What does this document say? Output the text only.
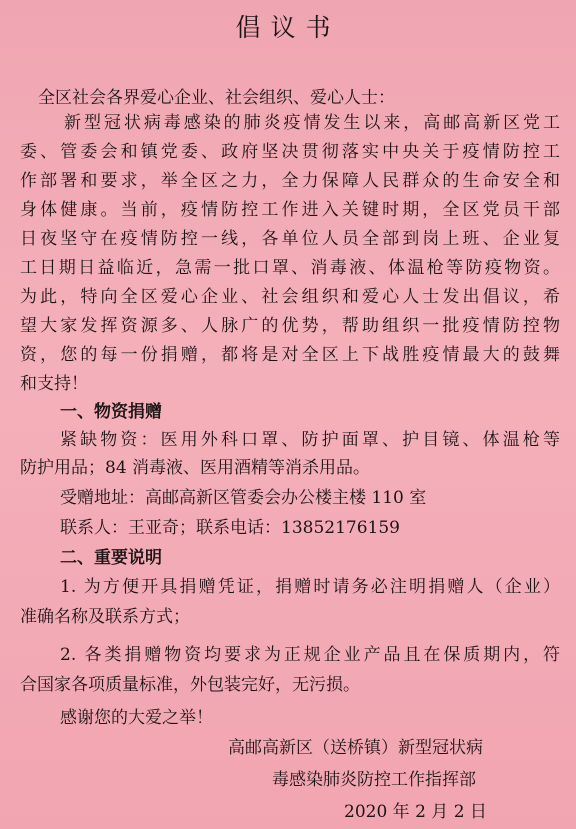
倡议书
全区社会各界爱心企业、社会组织、爱心人士：
新型冠状病毒感染的肺炎疫情发生以来，高邮高新区党工
委、管委会和镇党委、政府坚决贯彻落实中央关于疫情防控工
作部署和要求，举全区之力，全力保障人民群众的生命安全和
身体健康。当前，疫情防控工作进入关键时期，全区党员干部
日夜坚守在疫情防控一线，各单位人员全部到岗上班、企业复
工日期日益临近，急需一批口罩、消毒液、体温枪等防疫物资。
为此，特向全区爱心企业、社会组织和爱心人士发出倡议，希
望大家发挥资源多、人脉广的优势，帮助组织一批疫情防控物
资，您的每一份捐赠，都将是对全区上下战胜疫情最大的鼓舞
和支持！
一、物资捐赠
紧缺物资：医用外科口罩、防护面罩、护目镜、体温枪等
防护用品；84 消毒液、医用酒精等消杀用品。
受赠地址：高邮高新区管委会办公楼主楼 110 室
联系人：王亚奇；联系电话：13852176159
二、重要说明
1. 为方便开具捐赠凭证，捐赠时请务必注明捐赠人（企业）
准确名称及联系方式；
2. 各类捐赠物资均要求为正规企业产品且在保质期内，符
合国家各项质量标准，外包装完好，无污损。
感谢您的大爱之举！
高邮高新区（送桥镇）新型冠状病
毒感染肺炎防控工作指挥部
2020 年 2 月 2 日
